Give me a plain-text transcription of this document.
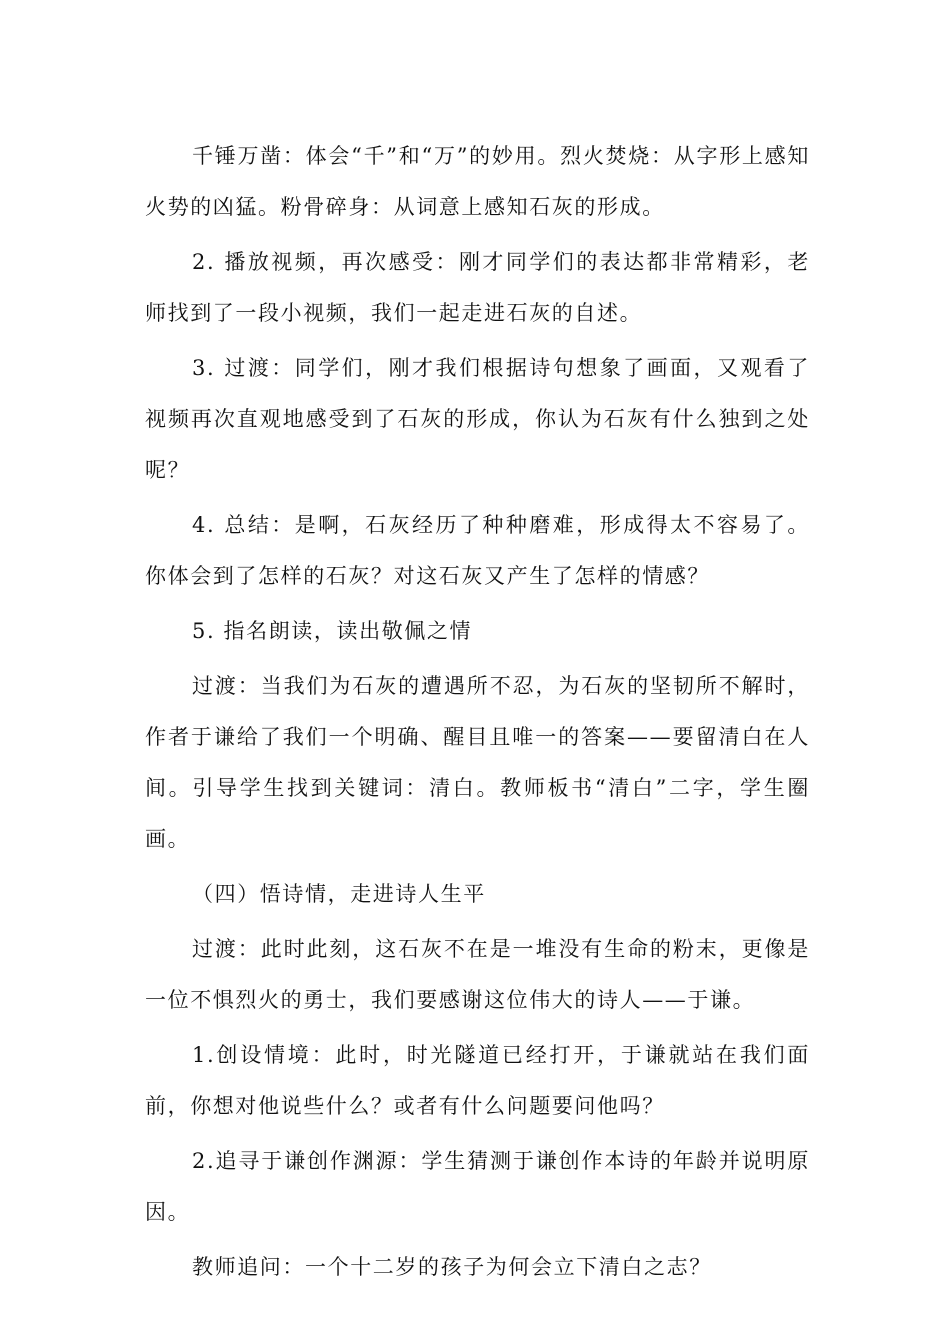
千锤万凿：体会“千”和“万”的妙用。烈火焚烧：从字形上感知火势的凶猛。粉骨碎身：从词意上感知石灰的形成。

2. 播放视频，再次感受：刚才同学们的表达都非常精彩，老师找到了一段小视频，我们一起走进石灰的自述。

3. 过渡：同学们，刚才我们根据诗句想象了画面，又观看了视频再次直观地感受到了石灰的形成，你认为石灰有什么独到之处呢？

4. 总结：是啊，石灰经历了种种磨难，形成得太不容易了。你体会到了怎样的石灰？对这石灰又产生了怎样的情感？

5. 指名朗读，读出敬佩之情

过渡：当我们为石灰的遭遇所不忍，为石灰的坚韧所不解时，作者于谦给了我们一个明确、醒目且唯一的答案——要留清白在人间。引导学生找到关键词：清白。教师板书“清白”二字，学生圈画。

（四）悟诗情，走进诗人生平

过渡：此时此刻，这石灰不在是一堆没有生命的粉末，更像是一位不惧烈火的勇士，我们要感谢这位伟大的诗人——于谦。

1.创设情境：此时，时光隧道已经打开，于谦就站在我们面前，你想对他说些什么？或者有什么问题要问他吗？

2.追寻于谦创作渊源：学生猜测于谦创作本诗的年龄并说明原因。

教师追问：一个十二岁的孩子为何会立下清白之志？
